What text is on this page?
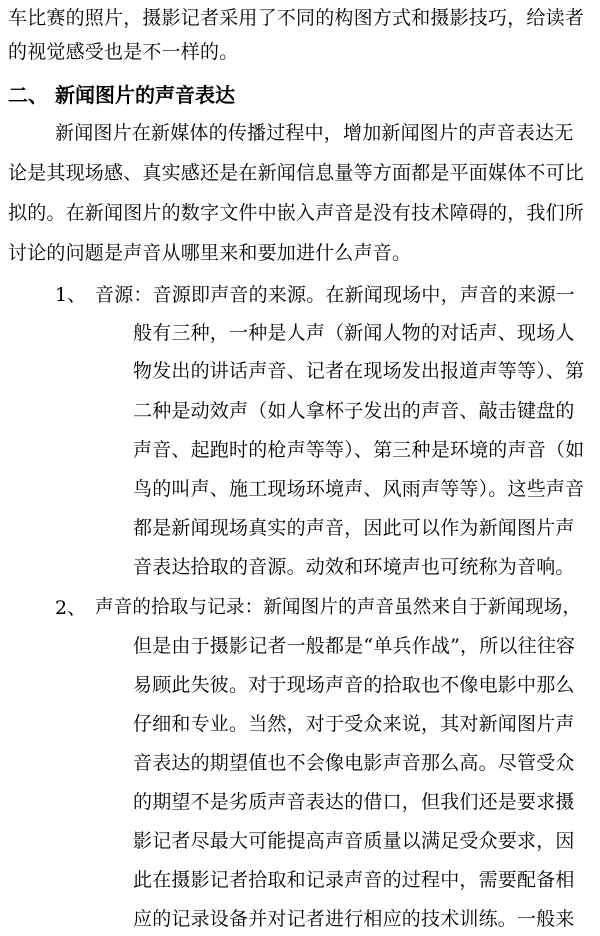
车比赛的照片，摄影记者采用了不同的构图方式和摄影技巧，给读者
的视觉感受也是不一样的。
二、 新闻图片的声音表达
新闻图片在新媒体的传播过程中，增加新闻图片的声音表达无
论是其现场感、真实感还是在新闻信息量等方面都是平面媒体不可比
拟的。在新闻图片的数字文件中嵌入声音是没有技术障碍的，我们所
讨论的问题是声音从哪里来和要加进什么声音。
1、 音源：音源即声音的来源。在新闻现场中，声音的来源一
般有三种，一种是人声（新闻人物的对话声、现场人
物发出的讲话声音、记者在现场发出报道声等等）、第
二种是动效声（如人拿杯子发出的声音、敲击键盘的
声音、起跑时的枪声等等）、第三种是环境的声音（如
鸟的叫声、施工现场环境声、风雨声等等）。这些声音
都是新闻现场真实的声音，因此可以作为新闻图片声
音表达拾取的音源。动效和环境声也可统称为音响。
2、 声音的拾取与记录：新闻图片的声音虽然来自于新闻现场，
但是由于摄影记者一般都是“单兵作战”，所以往往容
易顾此失彼。对于现场声音的拾取也不像电影中那么
仔细和专业。当然，对于受众来说，其对新闻图片声
音表达的期望值也不会像电影声音那么高。尽管受众
的期望不是劣质声音表达的借口，但我们还是要求摄
影记者尽最大可能提高声音质量以满足受众要求，因
此在摄影记者拾取和记录声音的过程中，需要配备相
应的记录设备并对记者进行相应的技术训练。一般来
